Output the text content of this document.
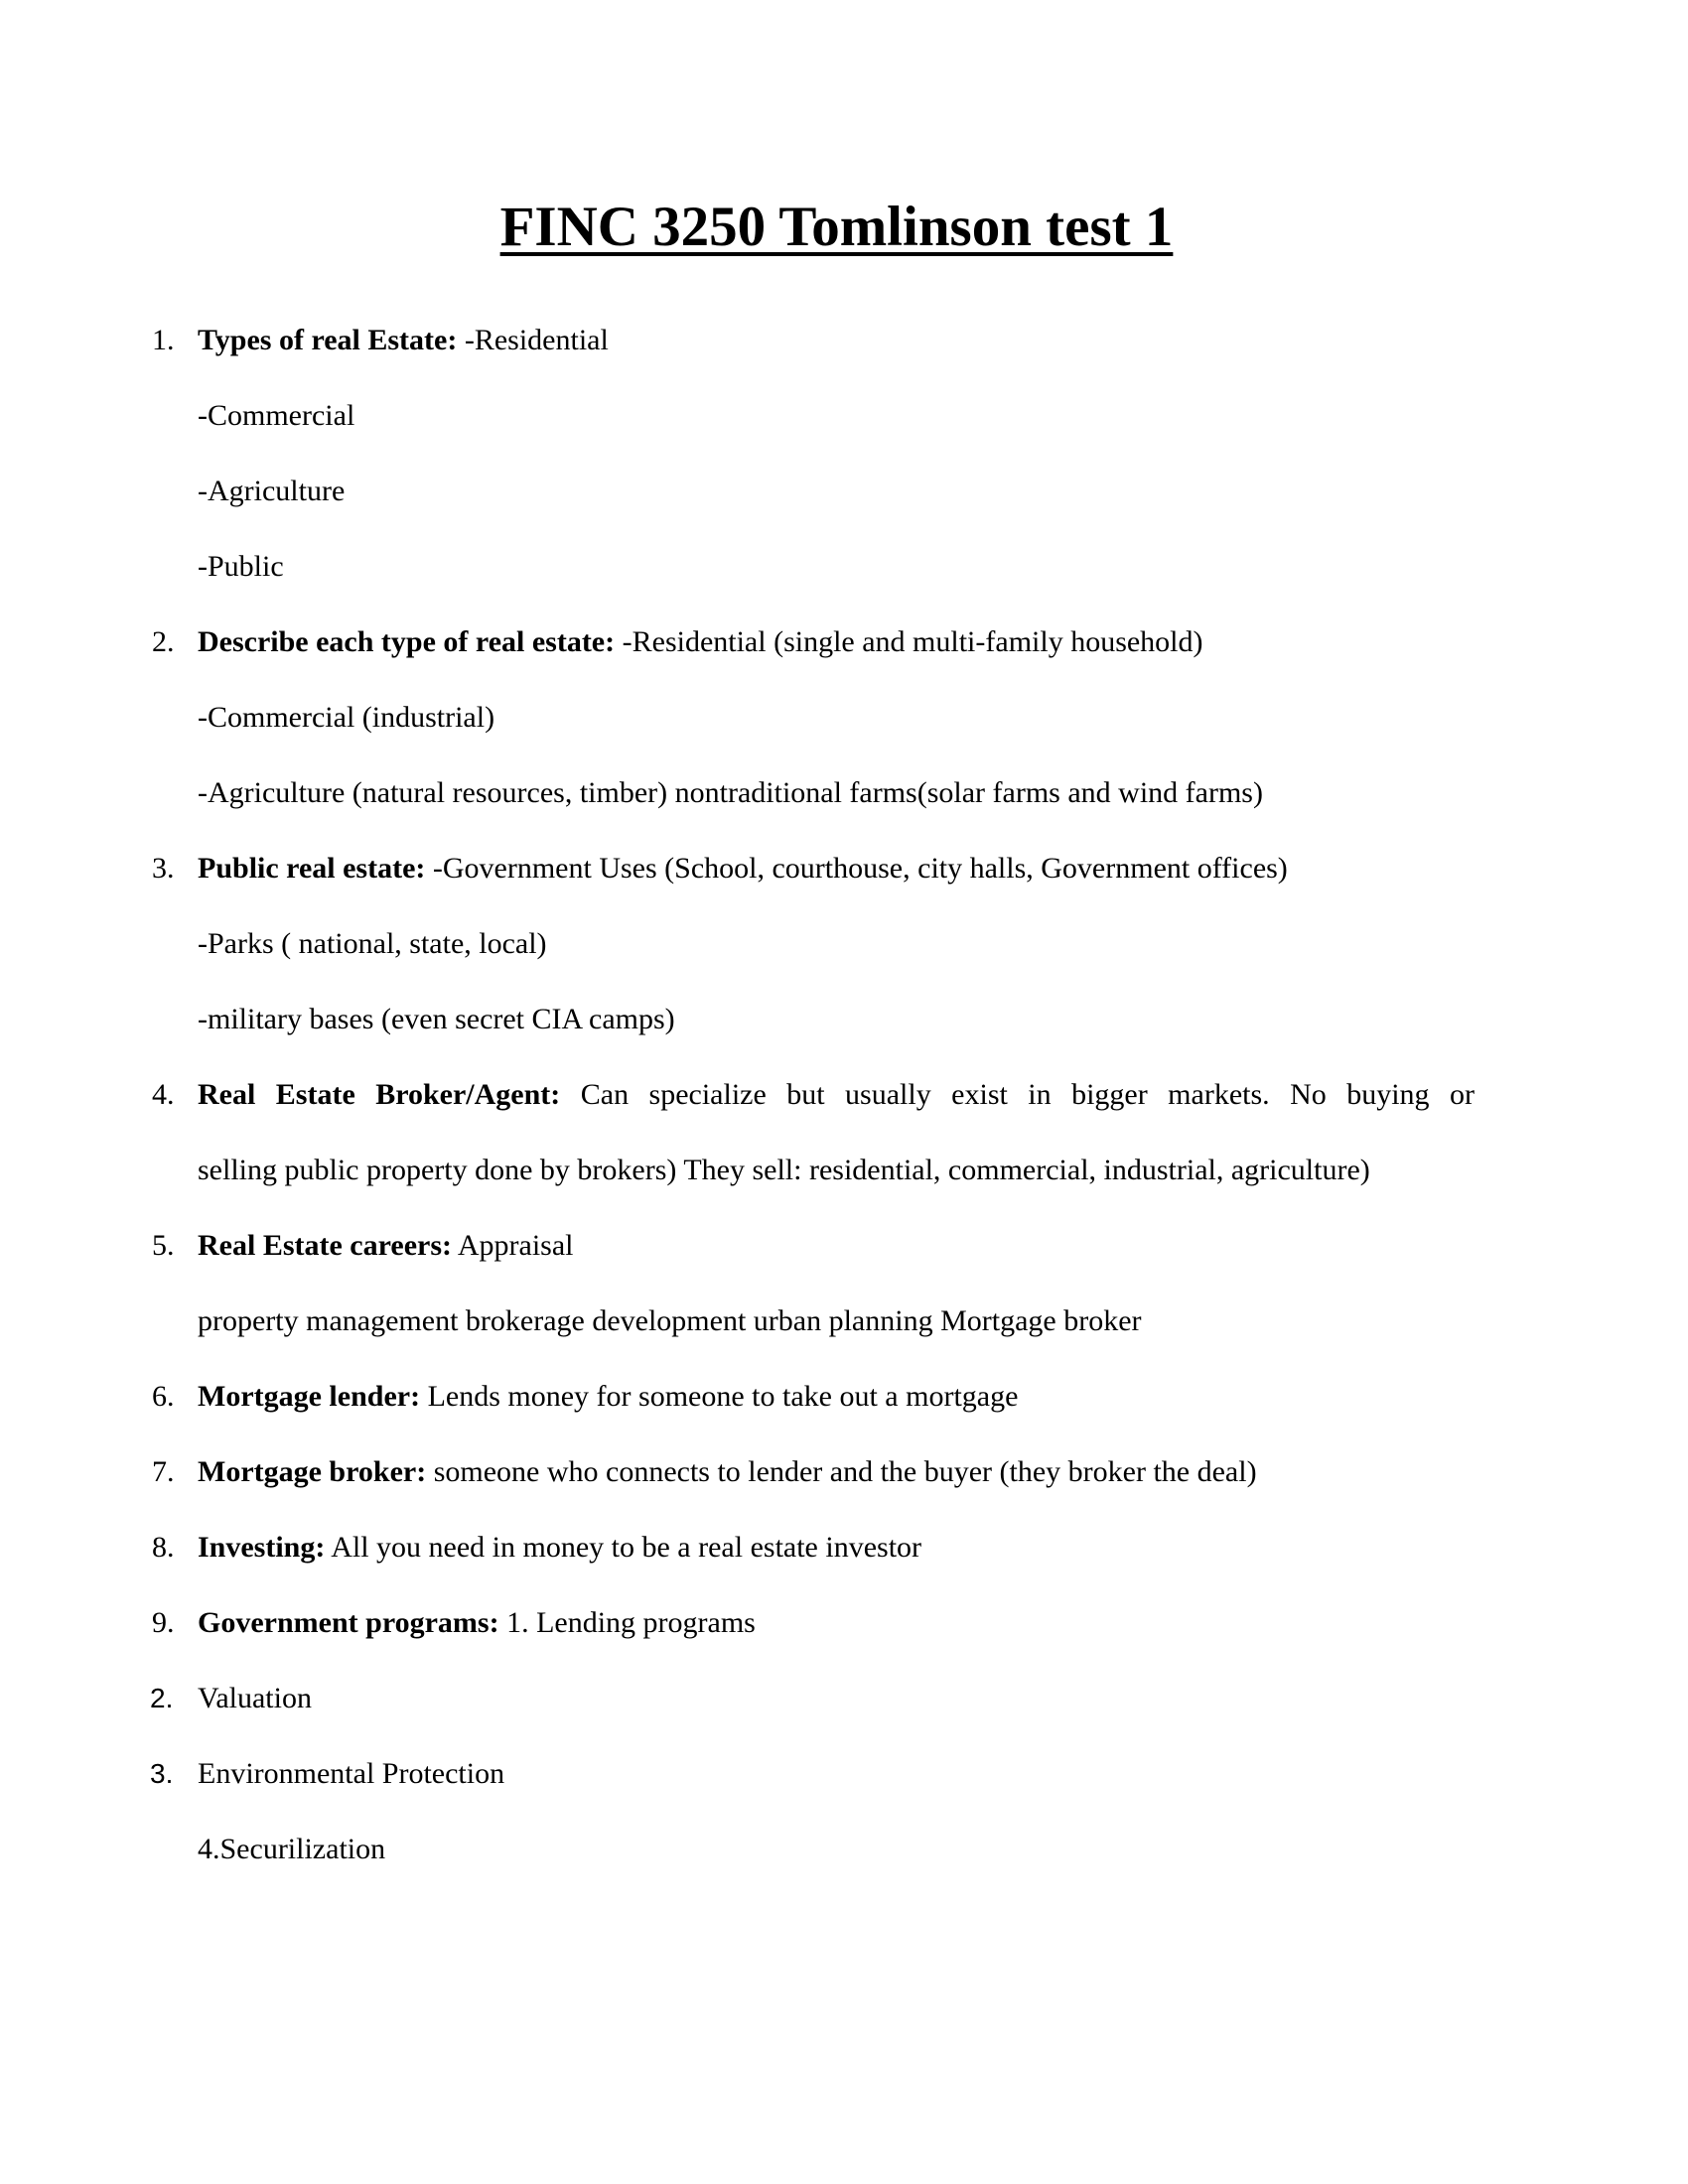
FINC 3250 Tomlinson test 1
1. Types of real Estate: -Residential
-Commercial
-Agriculture
-Public
2. Describe each type of real estate: -Residential (single and multi-family household)
-Commercial (industrial)
-Agriculture (natural resources, timber) nontraditional farms(solar farms and wind farms)
3. Public real estate: -Government Uses (School, courthouse, city halls, Government offices)
-Parks ( national, state, local)
-military bases (even secret CIA camps)
4. Real Estate Broker/Agent: Can specialize but usually exist in bigger markets. No buying or
selling public property done by brokers) They sell: residential, commercial, industrial, agriculture)
5. Real Estate careers: Appraisal
property management brokerage development urban planning Mortgage broker
6. Mortgage lender: Lends money for someone to take out a mortgage
7. Mortgage broker: someone who connects to lender and the buyer (they broker the deal)
8. Investing: All you need in money to be a real estate investor
9. Government programs: 1. Lending programs
2. Valuation
3. Environmental Protection
4.Securilization
